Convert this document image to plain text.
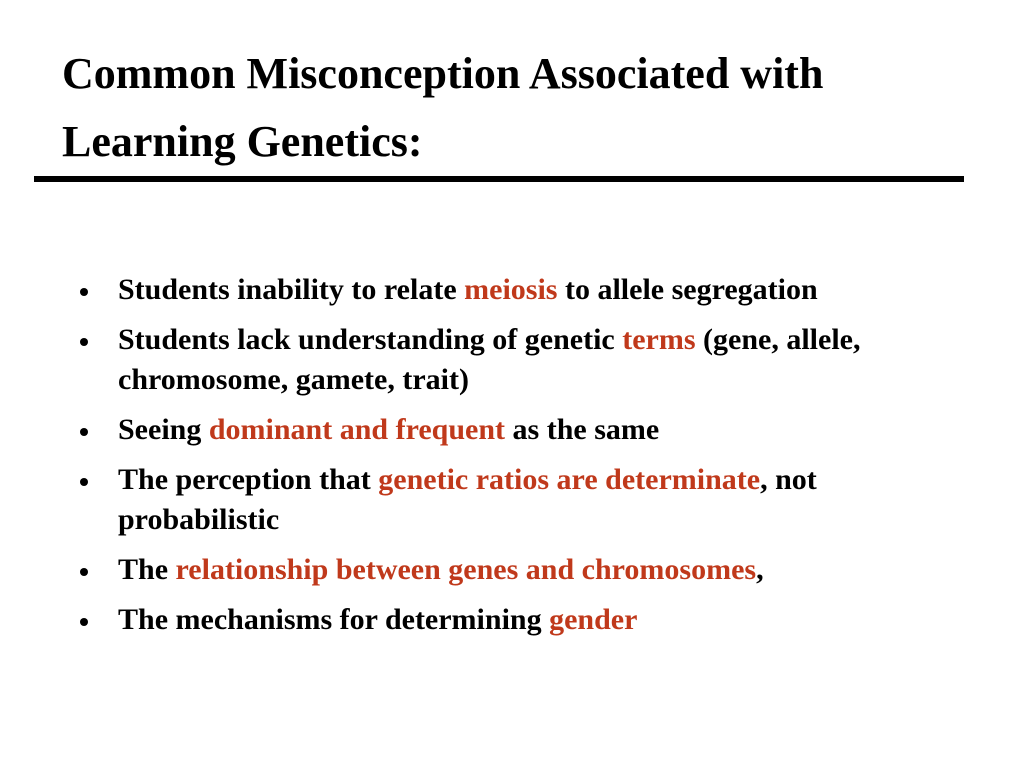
Common Misconception Associated with
Learning Genetics:
Students inability to relate meiosis to allele segregation
Students lack understanding of genetic terms (gene, allele, chromosome, gamete, trait)
Seeing dominant and frequent as the same
The perception that genetic ratios are determinate, not probabilistic
The relationship between genes and chromosomes,
The mechanisms for determining gender
